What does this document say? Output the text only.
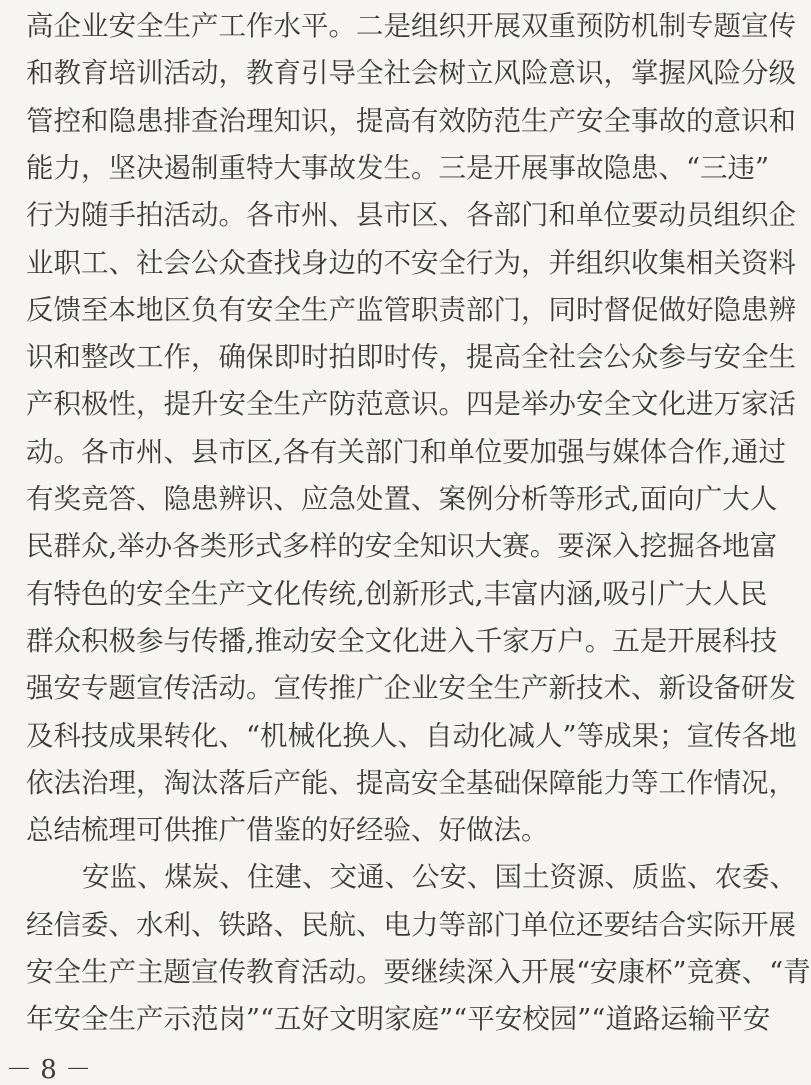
高企业安全生产工作水平。二是组织开展双重预防机制专题宣传
和教育培训活动，教育引导全社会树立风险意识，掌握风险分级
管控和隐患排查治理知识，提高有效防范生产安全事故的意识和
能力，坚决遏制重特大事故发生。三是开展事故隐患、“三违”
行为随手拍活动。各市州、县市区、各部门和单位要动员组织企
业职工、社会公众查找身边的不安全行为，并组织收集相关资料
反馈至本地区负有安全生产监管职责部门，同时督促做好隐患辨
识和整改工作，确保即时拍即时传，提高全社会公众参与安全生
产积极性，提升安全生产防范意识。四是举办安全文化进万家活
动。各市州、县市区,各有关部门和单位要加强与媒体合作,通过
有奖竞答、隐患辨识、应急处置、案例分析等形式,面向广大人
民群众,举办各类形式多样的安全知识大赛。要深入挖掘各地富
有特色的安全生产文化传统,创新形式,丰富内涵,吸引广大人民
群众积极参与传播,推动安全文化进入千家万户。五是开展科技
强安专题宣传活动。宣传推广企业安全生产新技术、新设备研发
及科技成果转化、“机械化换人、自动化减人”等成果；宣传各地
依法治理，淘汰落后产能、提高安全基础保障能力等工作情况，
总结梳理可供推广借鉴的好经验、好做法。
安监、煤炭、住建、交通、公安、国土资源、质监、农委、
经信委、水利、铁路、民航、电力等部门单位还要结合实际开展
安全生产主题宣传教育活动。要继续深入开展“安康杯”竞赛、“青
年安全生产示范岗”“五好文明家庭”“平安校园”“道路运输平安
－ 8 －
